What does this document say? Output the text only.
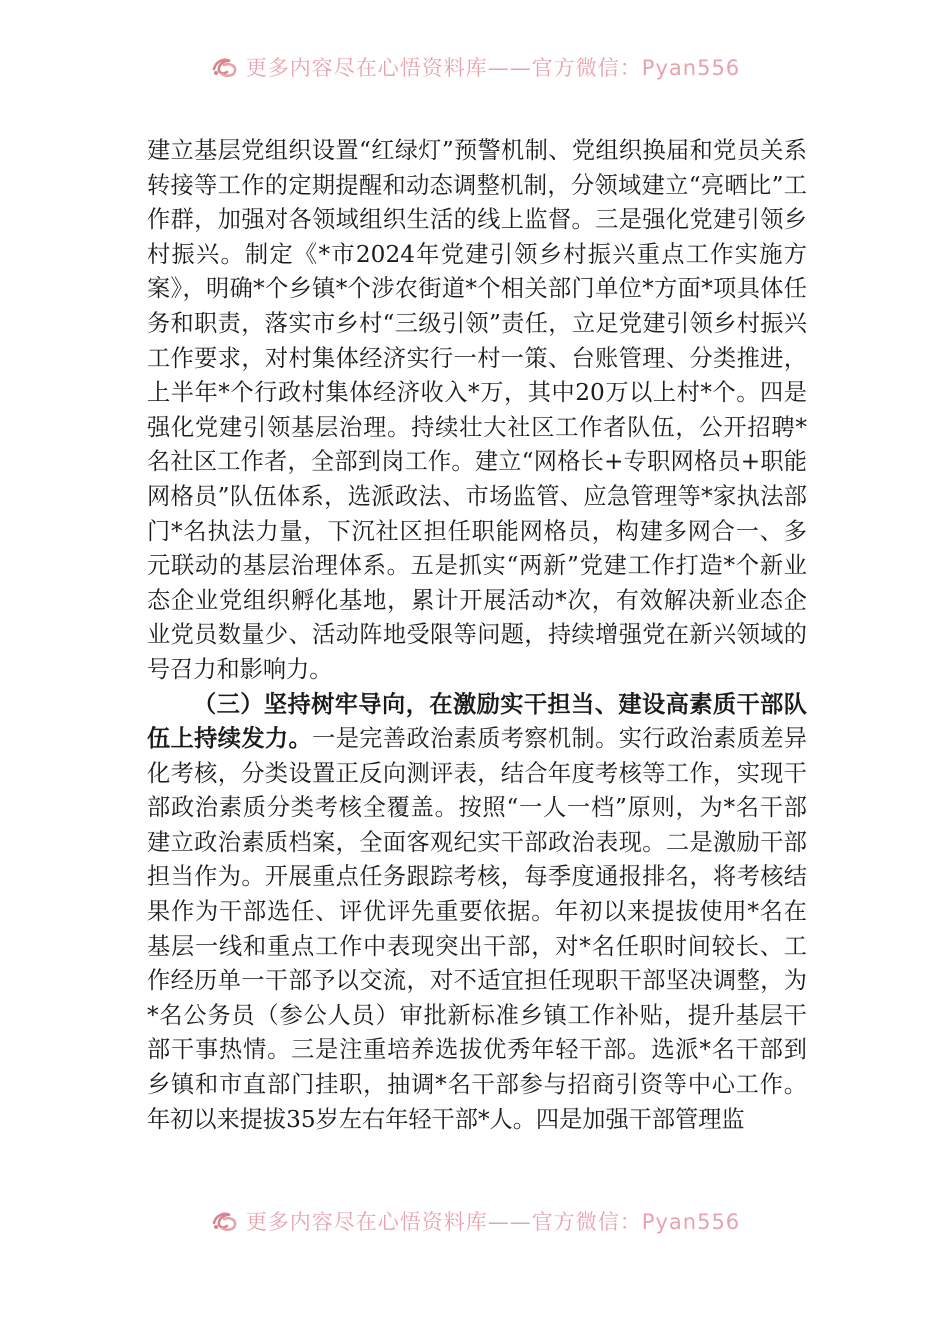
更多内容尽在心悟资料库——官方微信：Pyan556

建立基层党组织设置“红绿灯”预警机制、党组织换届和党员关系转接等工作的定期提醒和动态调整机制，分领域建立“亮晒比”工作群，加强对各领域组织生活的线上监督。三是强化党建引领乡村振兴。制定《*市2024年党建引领乡村振兴重点工作实施方案》，明确*个乡镇*个涉农街道*个相关部门单位*方面*项具体任务和职责，落实市乡村“三级引领”责任，立足党建引领乡村振兴工作要求，对村集体经济实行一村一策、台账管理、分类推进，上半年*个行政村集体经济收入*万，其中20万以上村*个。四是强化党建引领基层治理。持续壮大社区工作者队伍，公开招聘*名社区工作者，全部到岗工作。建立“网格长+专职网格员+职能网格员”队伍体系，选派政法、市场监管、应急管理等*家执法部门*名执法力量，下沉社区担任职能网格员，构建多网合一、多元联动的基层治理体系。五是抓实“两新”党建工作打造*个新业态企业党组织孵化基地，累计开展活动*次，有效解决新业态企业党员数量少、活动阵地受限等问题，持续增强党在新兴领域的号召力和影响力。

（三）坚持树牢导向，在激励实干担当、建设高素质干部队伍上持续发力。一是完善政治素质考察机制。实行政治素质差异化考核，分类设置正反向测评表，结合年度考核等工作，实现干部政治素质分类考核全覆盖。按照“一人一档”原则，为*名干部建立政治素质档案，全面客观纪实干部政治表现。二是激励干部担当作为。开展重点任务跟踪考核，每季度通报排名，将考核结果作为干部选任、评优评先重要依据。年初以来提拔使用*名在基层一线和重点工作中表现突出干部，对*名任职时间较长、工作经历单一干部予以交流，对不适宜担任现职干部坚决调整，为*名公务员（参公人员）审批新标准乡镇工作补贴，提升基层干部干事热情。三是注重培养选拔优秀年轻干部。选派*名干部到乡镇和市直部门挂职，抽调*名干部参与招商引资等中心工作。年初以来提拔35岁左右年轻干部*人。四是加强干部管理监

更多内容尽在心悟资料库——官方微信：Pyan556
